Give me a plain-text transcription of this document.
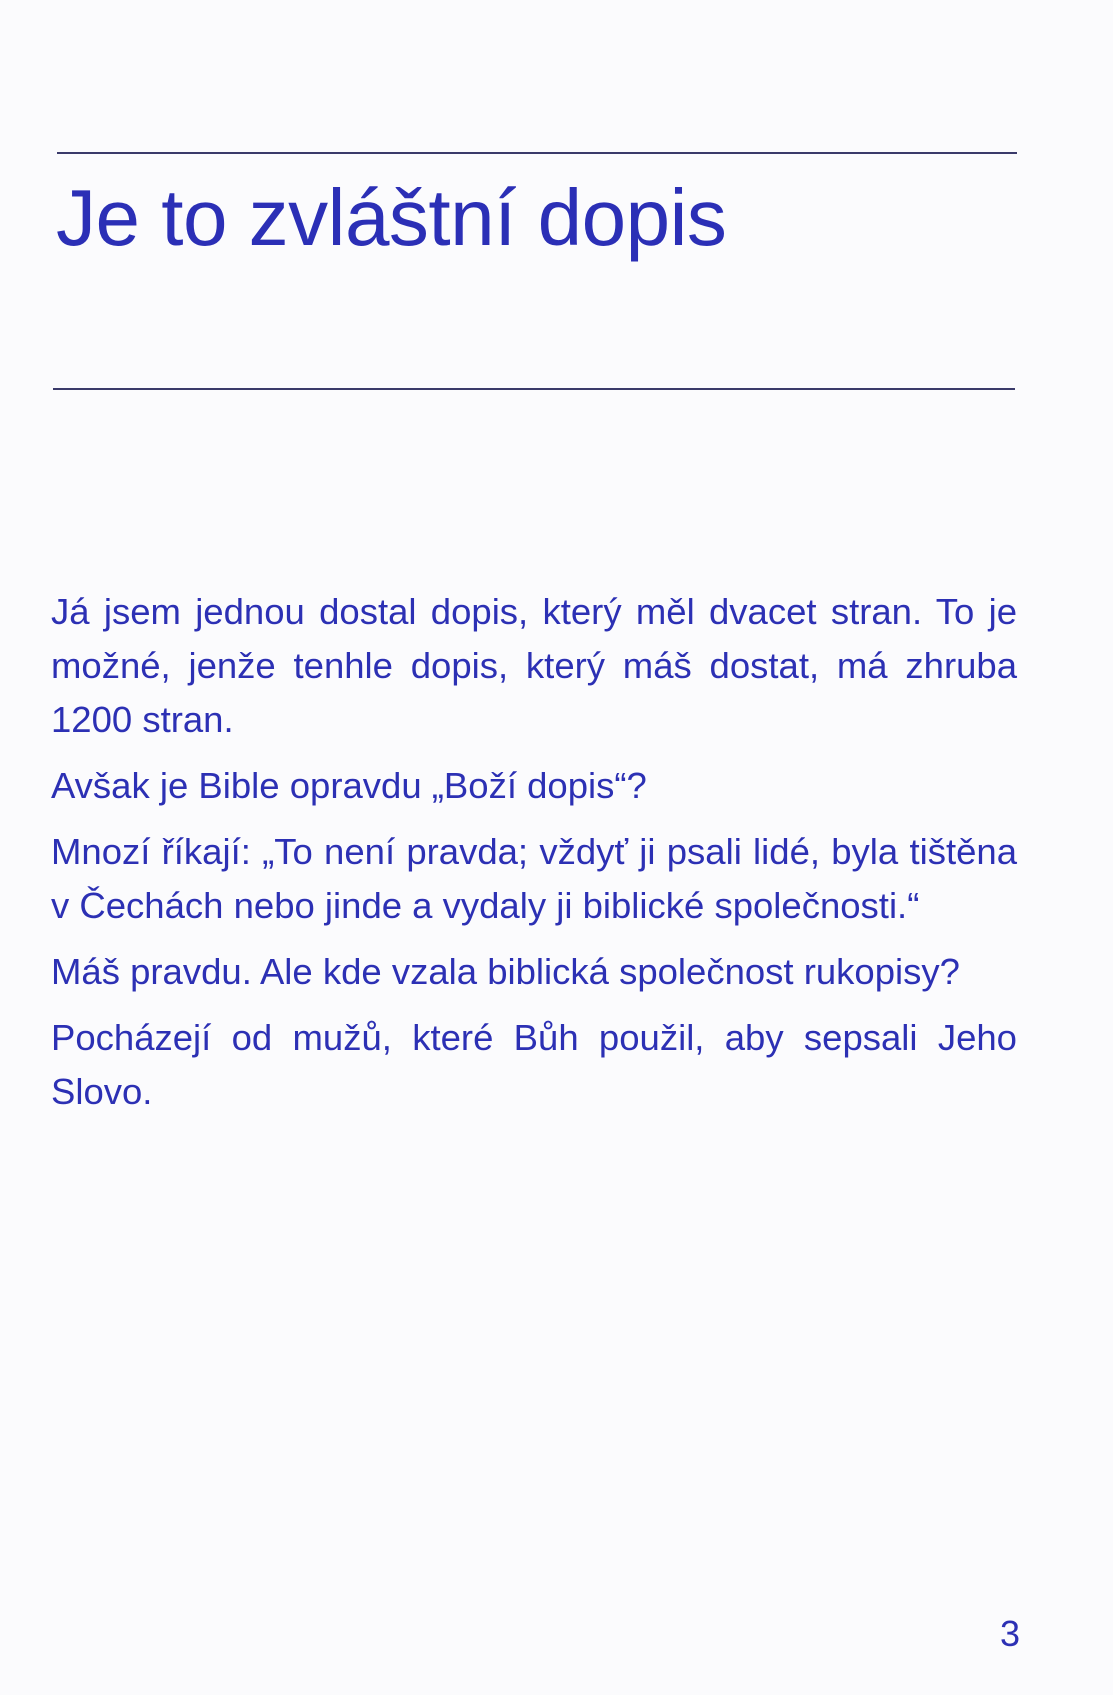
Je to zvláštní dopis

Já jsem jednou dostal dopis, který měl dvacet stran. To je možné, jenže tenhle dopis, který máš dostat, má zhruba 1200 stran.

Avšak je Bible opravdu „Boží dopis“?

Mnozí říkají: „To není pravda; vždyť ji psali lidé, byla tištěna v Čechách nebo jinde a vydaly ji biblické společnosti.“

Máš pravdu. Ale kde vzala biblická společnost rukopisy?

Pocházejí od mužů, které Bůh použil, aby sepsali Jeho Slovo.

3
